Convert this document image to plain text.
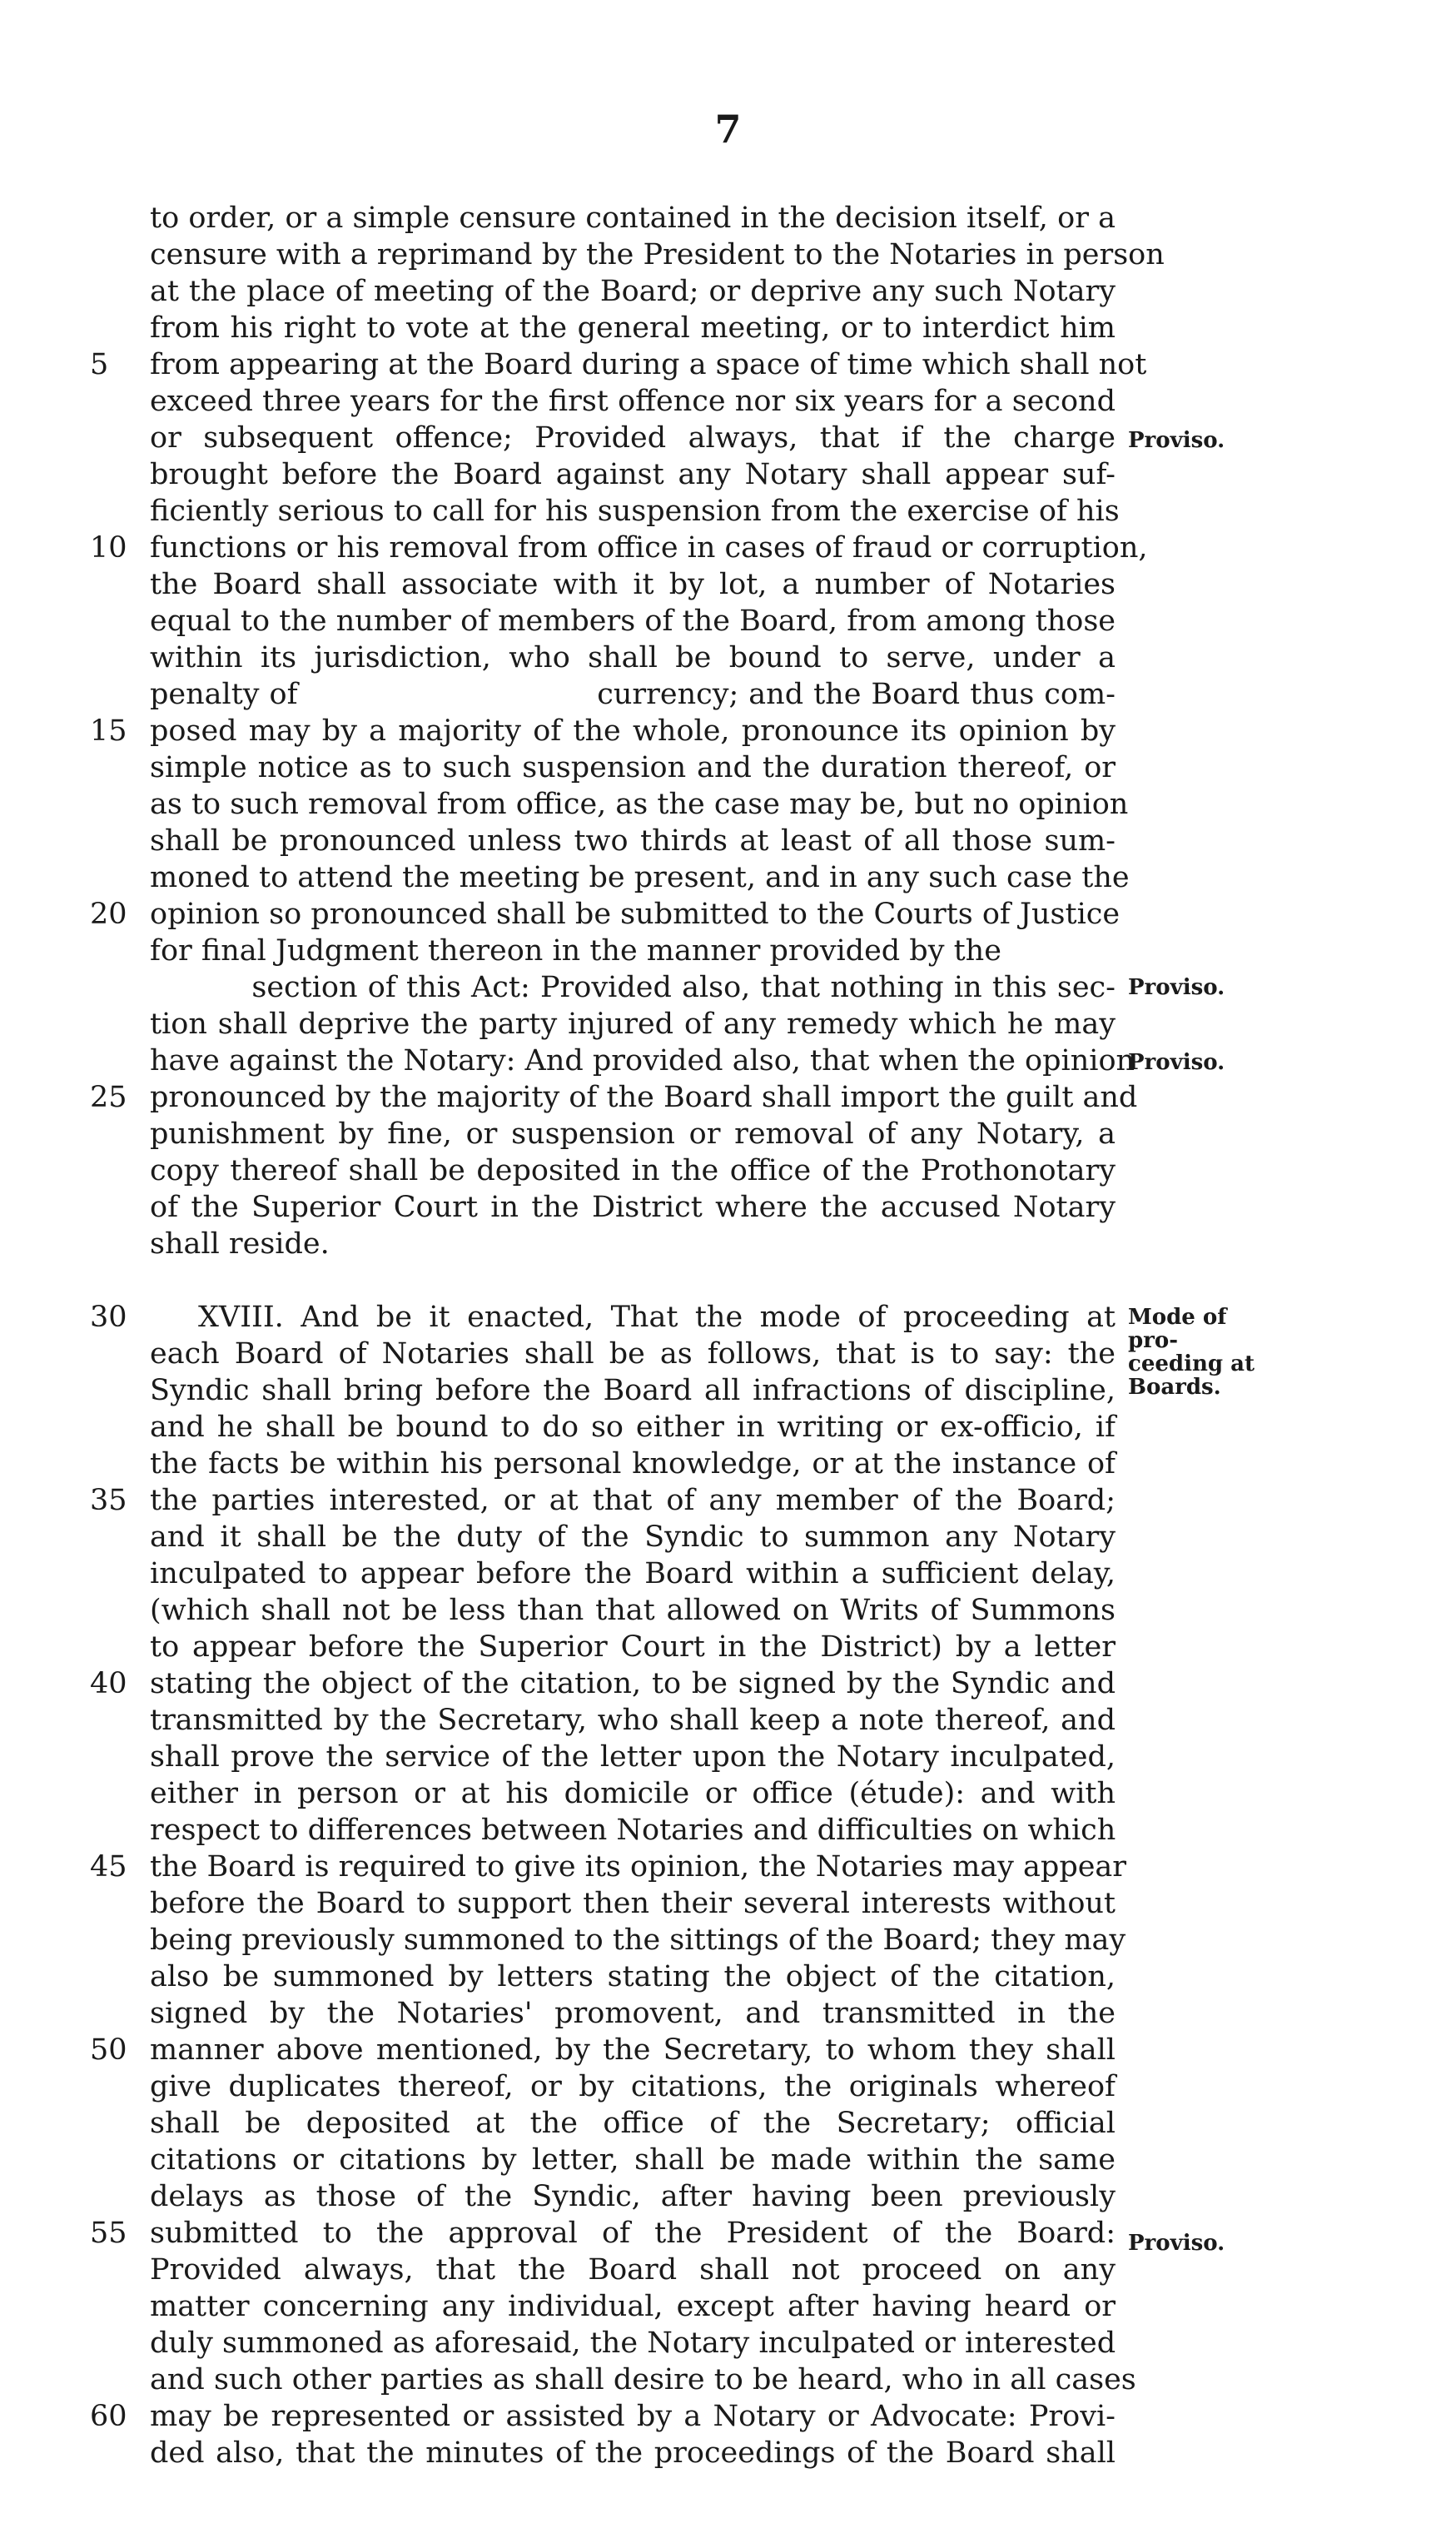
7
to order, or a simple censure contained in the decision itself, or a
censure with a reprimand by the President to the Notaries in person
at the place of meeting of the Board; or deprive any such Notary
from his right to vote at the general meeting, or to interdict him
from appearing at the Board during a space of time which shall not
5
exceed three years for the first offence nor six years for a second
or subsequent offence; Provided always, that if the charge
brought before the Board against any Notary shall appear suf-
ficiently serious to call for his suspension from the exercise of his
functions or his removal from office in cases of fraud or corruption,
10
the Board shall associate with it by lot, a number of Notaries
equal to the number of members of the Board, from among those
within its jurisdiction, who shall be bound to serve, under a
penalty of                              currency; and the Board thus com-
posed may by a majority of the whole, pronounce its opinion by
15
simple notice as to such suspension and the duration thereof, or
as to such removal from office, as the case may be, but no opinion
shall be pronounced unless two thirds at least of all those sum-
moned to attend the meeting be present, and in any such case the
opinion so pronounced shall be submitted to the Courts of Justice
20
for final Judgment thereon in the manner provided by the
section of this Act: Provided also, that nothing in this sec-
tion shall deprive the party injured of any remedy which he may
have against the Notary: And provided also, that when the opinion
pronounced by the majority of the Board shall import the guilt and
25
punishment by fine, or suspension or removal of any Notary, a
copy thereof shall be deposited in the office of the Prothonotary
of the Superior Court in the District where the accused Notary
shall reside.
XVIII. And be it enacted, That the mode of proceeding at
30
each Board of Notaries shall be as follows, that is to say: the
Syndic shall bring before the Board all infractions of discipline,
and he shall be bound to do so either in writing or ex-officio, if
the facts be within his personal knowledge, or at the instance of
the parties interested, or at that of any member of the Board;
35
and it shall be the duty of the Syndic to summon any Notary
inculpated to appear before the Board within a sufficient delay,
(which shall not be less than that allowed on Writs of Summons
to appear before the Superior Court in the District) by a letter
stating the object of the citation, to be signed by the Syndic and
40
transmitted by the Secretary, who shall keep a note thereof, and
shall prove the service of the letter upon the Notary inculpated,
either in person or at his domicile or office (étude): and with
respect to differences between Notaries and difficulties on which
the Board is required to give its opinion, the Notaries may appear
45
before the Board to support then their several interests without
being previously summoned to the sittings of the Board; they may
also be summoned by letters stating the object of the citation,
signed by the Notaries' promovent, and transmitted in the
manner above mentioned, by the Secretary, to whom they shall
50
give duplicates thereof, or by citations, the originals whereof
shall be deposited at the office of the Secretary; official
citations or citations by letter, shall be made within the same
delays as those of the Syndic, after having been previously
submitted to the approval of the President of the Board:
55
Provided always, that the Board shall not proceed on any
matter concerning any individual, except after having heard or
duly summoned as aforesaid, the Notary inculpated or interested
and such other parties as shall desire to be heard, who in all cases
may be represented or assisted by a Notary or Advocate: Provi-
60
ded also, that the minutes of the proceedings of the Board shall
Proviso.
Proviso.
Proviso.
Mode of pro-
ceeding at
Boards.
Proviso.
